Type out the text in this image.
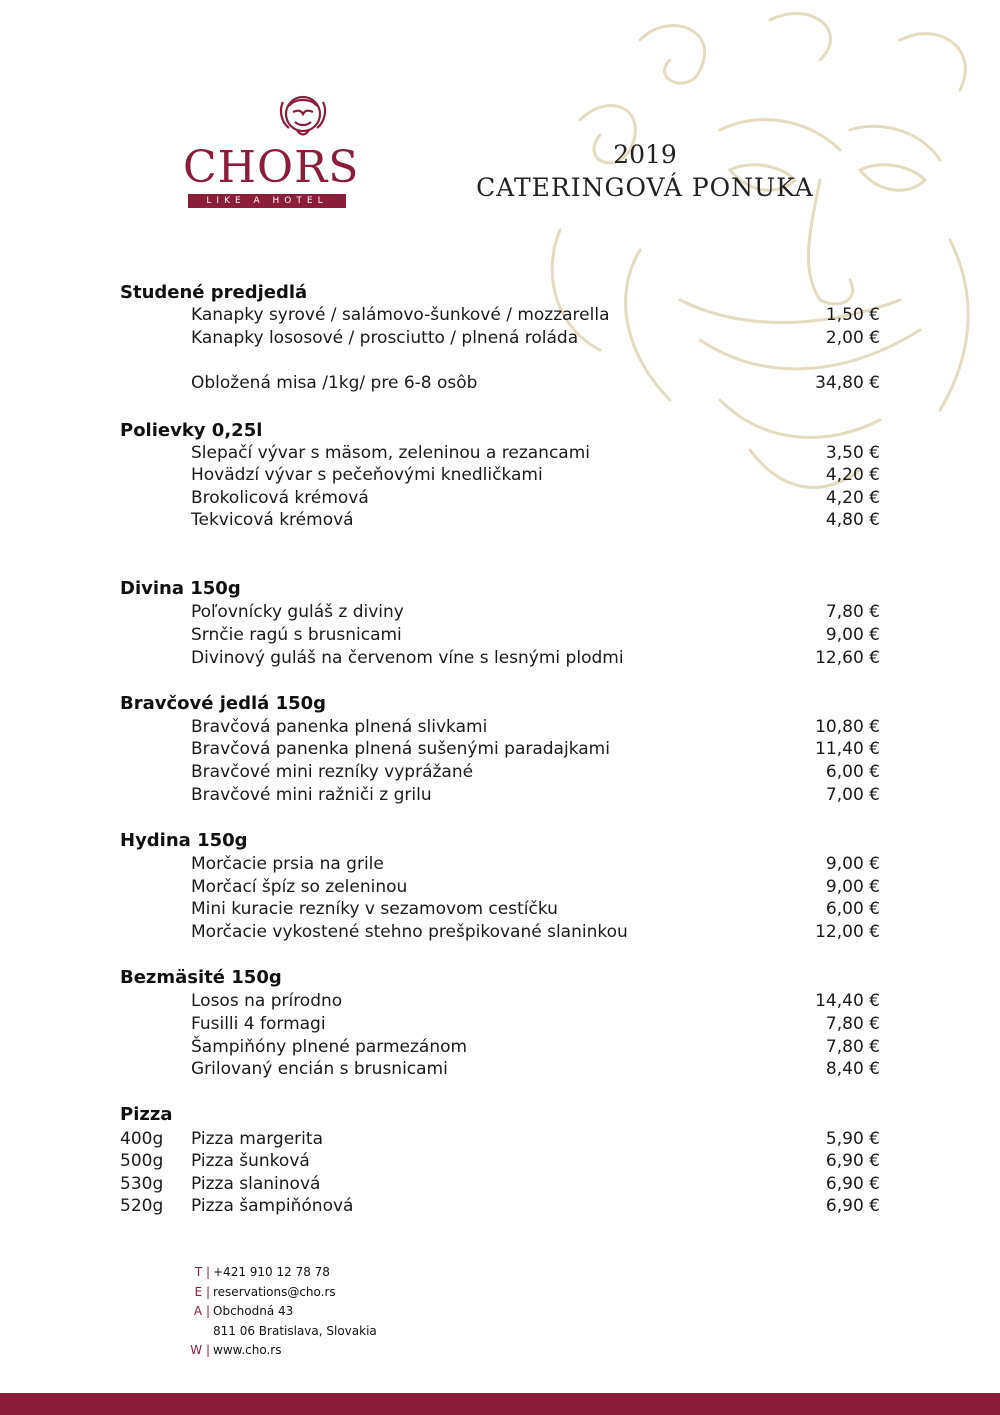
CHORS
LIKE A HOTEL
2019
CATERINGOVÁ PONUKA
Studené predjedlá
Kanapky syrové / salámovo-šunkové / mozzarella	1,50 €
Kanapky lososové / prosciutto / plnená roláda	2,00 €
Obložená misa /1kg/ pre 6-8 osôb	34,80 €
Polievky 0,25l
Slepačí vývar s mäsom, zeleninou a rezancami	3,50 €
Hovädzí vývar s pečeňovými knedličkami	4,20 €
Brokolicová krémová	4,20 €
Tekvicová krémová	4,80 €
Divina 150g
Poľovnícky guláš z diviny	7,80 €
Srnčie ragú s brusnicami	9,00 €
Divinový guláš na červenom víne s lesnými plodmi	12,60 €
Bravčové jedlá 150g
Bravčová panenka plnená slivkami	10,80 €
Bravčová panenka plnená sušenými paradajkami	11,40 €
Bravčové mini rezníky vyprážané	6,00 €
Bravčové mini ražniči z grilu	7,00 €
Hydina 150g
Morčacie prsia na grile	9,00 €
Morčací špíz so zeleninou	9,00 €
Mini kuracie rezníky v sezamovom cestíčku	6,00 €
Morčacie vykostené stehno prešpikované slaninkou	12,00 €
Bezmäsité 150g
Losos na prírodno	14,40 €
Fusilli 4 formagi	7,80 €
Šampiňóny plnené parmezánom	7,80 €
Grilovaný encián s brusnicami	8,40 €
Pizza
400g Pizza margerita	5,90 €
500g Pizza šunková	6,90 €
530g Pizza slaninová	6,90 €
520g Pizza šampiňónová	6,90 €
T | +421 910 12 78 78
E | reservations@cho.rs
A | Obchodná 43
811 06 Bratislava, Slovakia
W | www.cho.rs
